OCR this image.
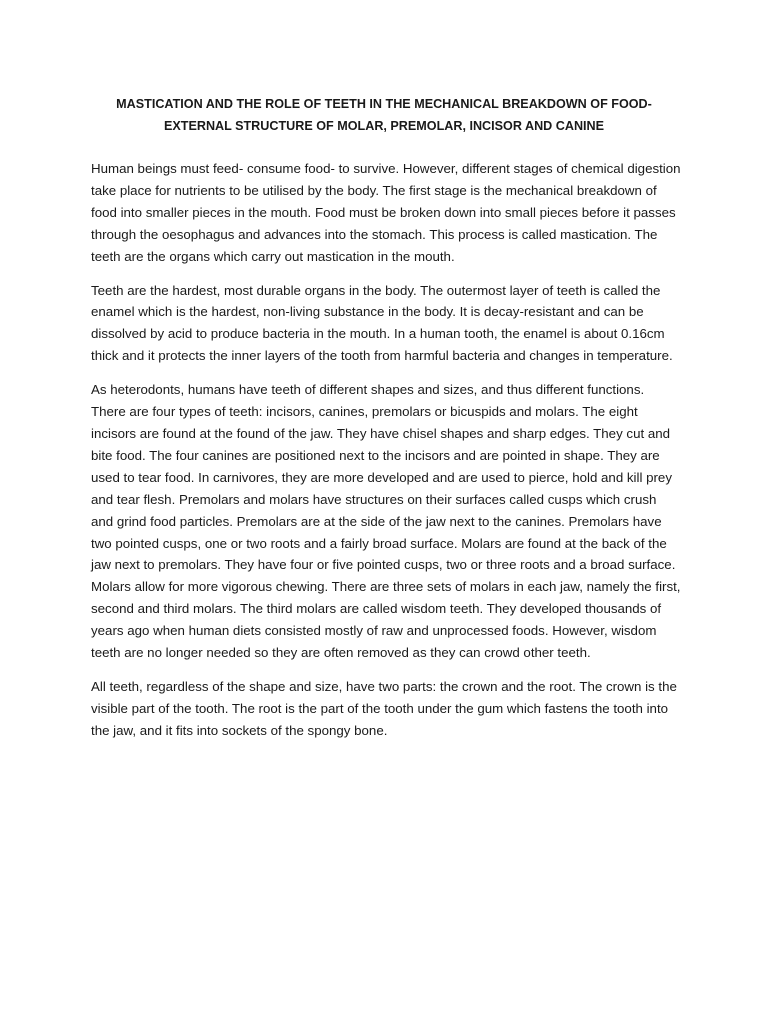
MASTICATION AND THE ROLE OF TEETH IN THE MECHANICAL BREAKDOWN OF FOOD-
EXTERNAL STRUCTURE OF MOLAR, PREMOLAR, INCISOR AND CANINE

Human beings must feed- consume food- to survive. However, different stages of chemical digestion take place for nutrients to be utilised by the body. The first stage is the mechanical breakdown of food into smaller pieces in the mouth. Food must be broken down into small pieces before it passes through the oesophagus and advances into the stomach. This process is called mastication. The teeth are the organs which carry out mastication in the mouth.

Teeth are the hardest, most durable organs in the body. The outermost layer of teeth is called the enamel which is the hardest, non-living substance in the body. It is decay-resistant and can be dissolved by acid to produce bacteria in the mouth. In a human tooth, the enamel is about 0.16cm thick and it protects the inner layers of the tooth from harmful bacteria and changes in temperature.

As heterodonts, humans have teeth of different shapes and sizes, and thus different functions. There are four types of teeth: incisors, canines, premolars or bicuspids and molars. The eight incisors are found at the found of the jaw. They have chisel shapes and sharp edges. They cut and bite food. The four canines are positioned next to the incisors and are pointed in shape. They are used to tear food. In carnivores, they are more developed and are used to pierce, hold and kill prey and tear flesh. Premolars and molars have structures on their surfaces called cusps which crush and grind food particles. Premolars are at the side of the jaw next to the canines. Premolars have two pointed cusps, one or two roots and a fairly broad surface. Molars are found at the back of the jaw next to premolars. They have four or five pointed cusps, two or three roots and a broad surface. Molars allow for more vigorous chewing. There are three sets of molars in each jaw, namely the first, second and third molars. The third molars are called wisdom teeth. They developed thousands of years ago when human diets consisted mostly of raw and unprocessed foods. However, wisdom teeth are no longer needed so they are often removed as they can crowd other teeth.

All teeth, regardless of the shape and size, have two parts: the crown and the root. The crown is the visible part of the tooth. The root is the part of the tooth under the gum which fastens the tooth into the jaw, and it fits into sockets of the spongy bone.
